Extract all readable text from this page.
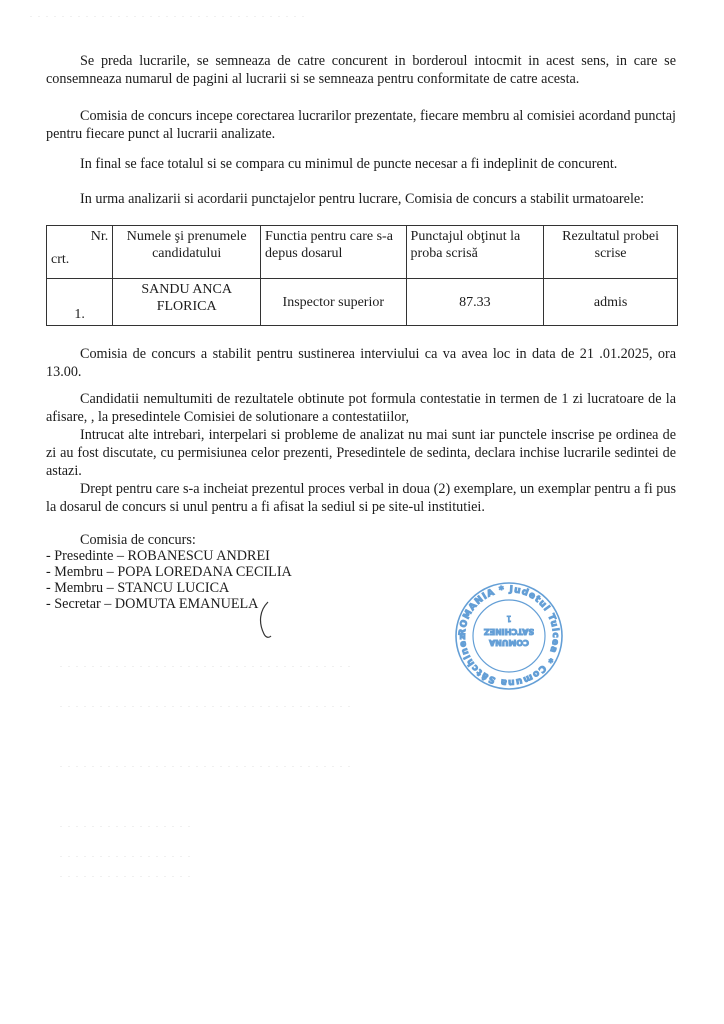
. . . . . . . . . . . . . . . . . . . . . . . . . . . . . . . . . . .

Se preda lucrarile, se semneaza de catre concurent in borderoul intocmit in acest sens, in care se consemneaza numarul de pagini al lucrarii si se semneaza pentru conformitate de catre acesta.

Comisia de concurs incepe corectarea lucrarilor prezentate, fiecare membru al comisiei acordand punctaj pentru fiecare punct al lucrarii analizate.

In final se face totalul si se compara cu minimul de puncte necesar a fi indeplinit de concurent.

In urma analizarii si acordarii punctajelor pentru lucrare, Comisia de concurs a stabilit urmatoarele:

Nr.
crt.	Numele şi prenumele candidatului	Functia pentru care s-a depus dosarul	Punctajul obţinut la proba scrisă	Rezultatul probei scrise
1.	SANDU ANCA FLORICA	Inspector superior	87.33	admis

Comisia de concurs a stabilit pentru sustinerea interviului ca va avea loc in data de 21 .01.2025, ora 13.00.

Candidatii nemultumiti de rezultatele obtinute pot formula contestatie in termen de 1 zi lucratoare de la afisare, , la presedintele Comisiei de solutionare a contestatiilor,

Intrucat alte intrebari, interpelari si probleme de analizat nu mai sunt iar punctele inscrise pe ordinea de zi au fost discutate, cu permisiunea celor prezenti, Presedintele de sedinta, declara inchise lucrarile sedintei de astazi.

Drept pentru care s-a incheiat prezentul proces verbal in doua (2) exemplare, un exemplar pentru a fi pus la dosarul de concurs si unul pentru a fi afisat la sediul si pe site-ul institutiei.

Comisia de concurs:
- Presedinte – ROBANESCU ANDREI
- Membru – POPA LOREDANA CECILIA
- Membru – STANCU LUCICA
- Secretar – DOMUTA EMANUELA
ROMANIA * Judetul Tulcea * Comuna Sâtchinez
COMUNA
SATCHINEZ
1
. . . . . . . . . . . . . . . . . . . . . . . . . . . . . . . . . . . . .
. . . . . . . . . . . . . . . . . . . . . . . . . . . . . . . . . . . . .
. . . . . . . . . . . . . . . . . . . . . . . . . . . . . . . . . . . . .
. . . . . . . . . . . . . . . . .
. . . . . . . . . . . . . . . . .
. . . . . . . . . . . . . . . . .
